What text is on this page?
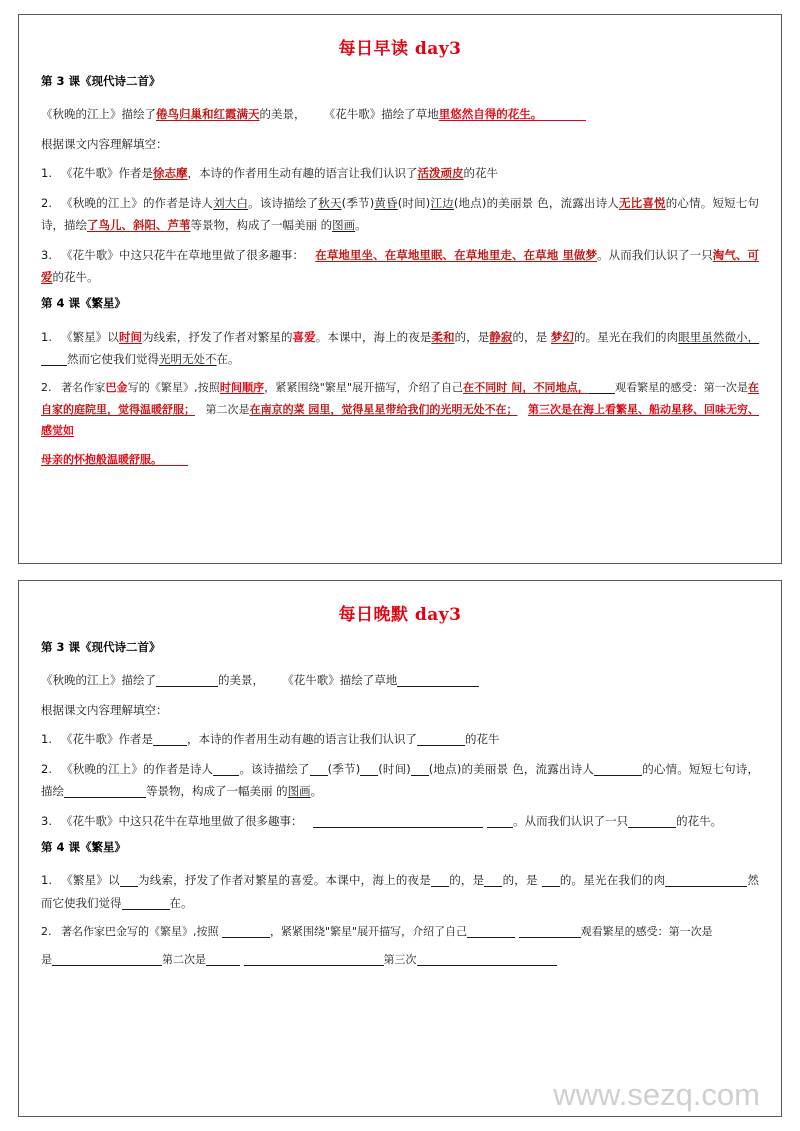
每日早读 day3
第 3 课《现代诗二首》

《秋晚的江上》描绘了倦鸟归巢和红霞满天的美景， 《花牛歌》描绘了草地里悠然自得的花生。

根据课文内容理解填空：

1. 《花牛歌》作者是徐志摩，本诗的作者用生动有趣的语言让我们认识了活泼顽皮的花牛

2. 《秋晚的江上》的作者是诗人刘大白。该诗描绘了秋天(季节)黄昏(时间)江边(地点)的美丽景 色，流露出诗人无比喜悦的心情。短短七句诗，描绘了鸟儿、斜阳、芦苇等景物，构成了一幅美丽 的图画。

3. 《花牛歌》中这只花牛在草地里做了很多趣事： 在草地里坐、在草地里眠、在草地里走、在草地 里做梦。从而我们认识了一只淘气、可爱的花牛。

第 4 课《繁星》

1. 《繁星》以时间为线索，抒发了作者对繁星的喜爱。本课中，海上的夜是柔和的，是静寂的，是 梦幻的。星光在我们的肉眼里虽然微小，然而它使我们觉得光明无处不在。

2. 著名作家巴金写的《繁星》,按照时间顺序，紧紧围绕"繁星"展开描写，介绍了自己在不同时 间，不同地点， 观看繁星的感受：第一次是在自家的庭院里，觉得温暖舒服； 第二次是在南京的菜 园里，觉得星星带给我们的光明无处不在； 第三次是在海上看繁星、船动星移、回味无穷、感觉如

母亲的怀抱般温暖舒服。

每日晚默 day3
第 3 课《现代诗二首》

《秋晚的江上》描绘了	的美景， 《花牛歌》描绘了草地

根据课文内容理解填空：

1. 《花牛歌》作者是	，本诗的作者用生动有趣的语言让我们认识了	的花牛

2. 《秋晚的江上》的作者是诗人 。该诗描绘了 (季节) (时间) (地点)的美丽景 色，流露出诗人	的心情。短短七句诗，描绘	等景物，构成了一幅美丽 的图画。

3. 《花牛歌》中这只花牛在草地里做了很多趣事：	。从而我们认识了一只	的花牛。

第 4 课《繁星》

1. 《繁星》以 为线索，抒发了作者对繁星的喜爱。本课中，海上的夜是 的，是 的，是 的。星光在我们的肉	然而它使我们觉得	在。

2. 著名作家巴金写的《繁星》,按照	，紧紧围绕"繁星"展开描写，介绍了自己	观看繁星的感受：第一次是

是	第二次是	第三次

www.sezq.com
